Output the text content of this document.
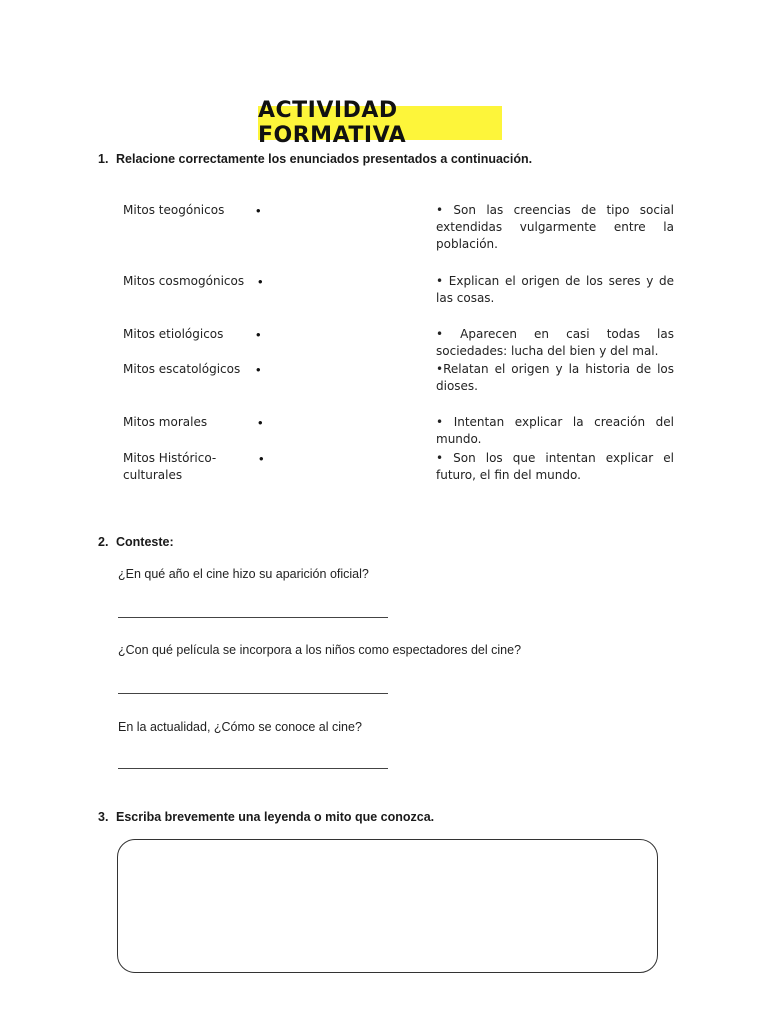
ACTIVIDAD FORMATIVA
1. Relacione correctamente los enunciados presentados a continuación.
Mitos teogónicos
Mitos cosmogónicos
Mitos etiológicos
Mitos escatológicos
Mitos morales
Mitos Histórico-culturales
•
•
•
•
•
•
• Son las creencias de tipo social extendidas vulgarmente entre la población.
• Explican el origen de los seres y de las cosas.
• Aparecen en casi todas las sociedades: lucha del bien y del mal.
•Relatan el origen y la historia de los dioses.
• Intentan explicar la creación del mundo.
• Son los que intentan explicar el futuro, el fin del mundo.
2. Conteste:
¿En qué año el cine hizo su aparición oficial?
¿Con qué película se incorpora a los niños como espectadores del cine?
En la actualidad, ¿Cómo se conoce al cine?
3. Escriba brevemente una leyenda o mito que conozca.
